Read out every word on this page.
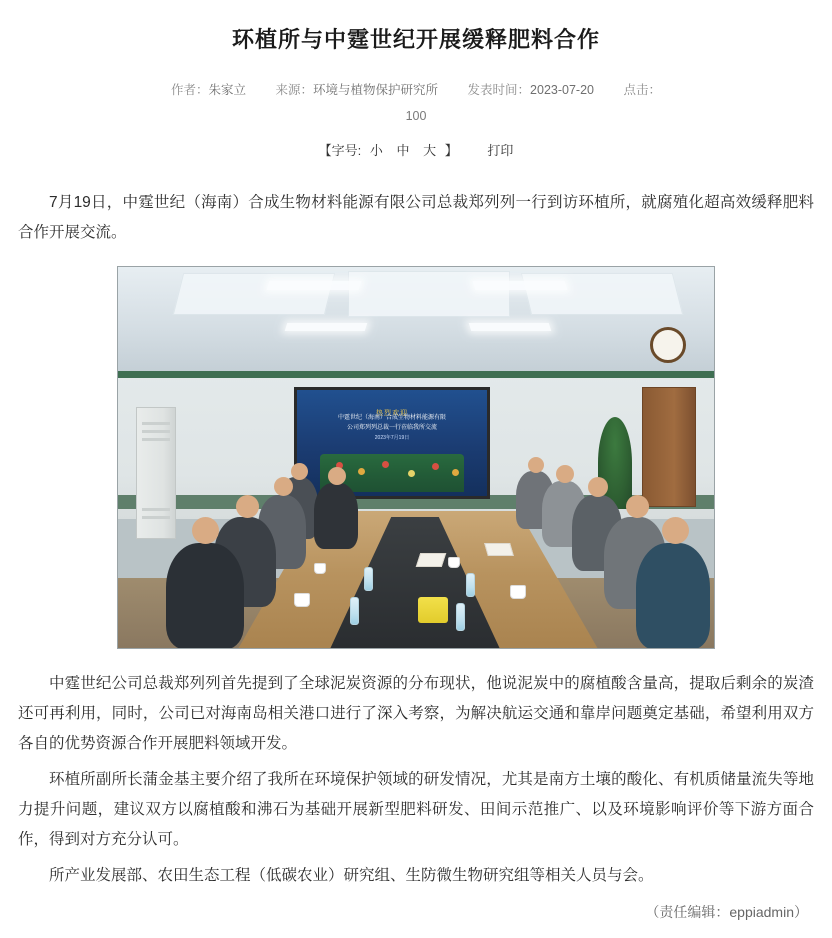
环植所与中霆世纪开展缓释肥料合作
作者：朱家立 来源：环境与植物保护研究所 发表时间：2023-07-20 点击：
100
【字号: 小 中 大 】 打印

7月19日，中霆世纪（海南）合成生物材料能源有限公司总裁郑列列一行到访环植所，就腐殖化超高效缓释肥料合作开展交流。

热烈欢迎
中霆世纪（海南）合成生物材料能源有限
公司郑列列总裁一行莅临我所交流
2023年7月19日

中霆世纪公司总裁郑列列首先提到了全球泥炭资源的分布现状，他说泥炭中的腐植酸含量高，提取后剩余的炭渣还可再利用，同时，公司已对海南岛相关港口进行了深入考察，为解决航运交通和靠岸问题奠定基础，希望利用双方各自的优势资源合作开展肥料领域开发。

环植所副所长蒲金基主要介绍了我所在环境保护领域的研发情况，尤其是南方土壤的酸化、有机质储量流失等地力提升问题，建议双方以腐植酸和沸石为基础开展新型肥料研发、田间示范推广、以及环境影响评价等下游方面合作，得到对方充分认可。

所产业发展部、农田生态工程（低碳农业）研究组、生防微生物研究组等相关人员与会。

（责任编辑：eppiadmin）
